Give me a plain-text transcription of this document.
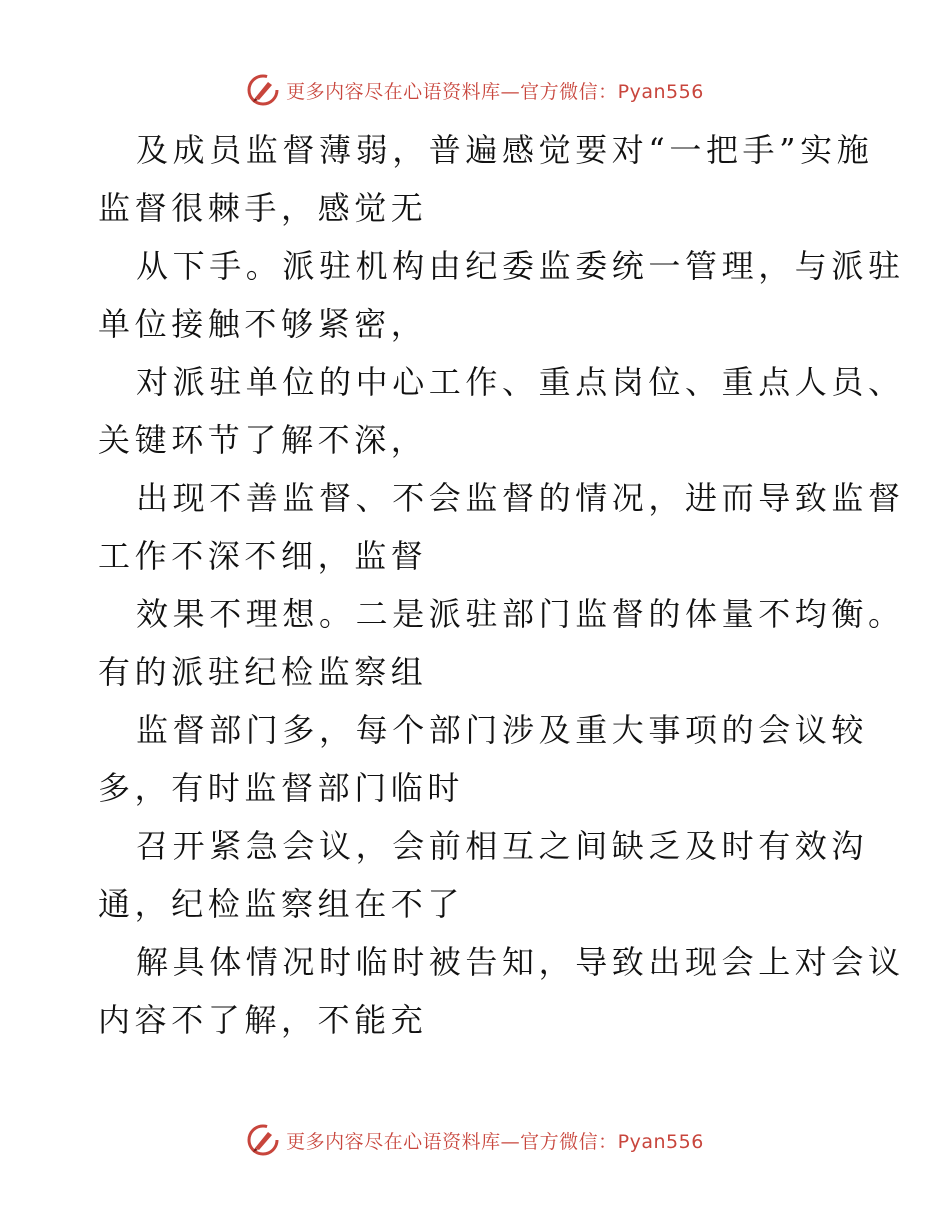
更多内容尽在心语资料库—官方微信：Pyan556

及成员监督薄弱，普遍感觉要对“一把手”实施
监督很棘手，感觉无

从下手。派驻机构由纪委监委统一管理，与派驻
单位接触不够紧密，

对派驻单位的中心工作、重点岗位、重点人员、
关键环节了解不深，

出现不善监督、不会监督的情况，进而导致监督
工作不深不细，监督

效果不理想。二是派驻部门监督的体量不均衡。
有的派驻纪检监察组

监督部门多，每个部门涉及重大事项的会议较
多，有时监督部门临时

召开紧急会议，会前相互之间缺乏及时有效沟
通，纪检监察组在不了

解具体情况时临时被告知，导致出现会上对会议
内容不了解，不能充

更多内容尽在心语资料库—官方微信：Pyan556
